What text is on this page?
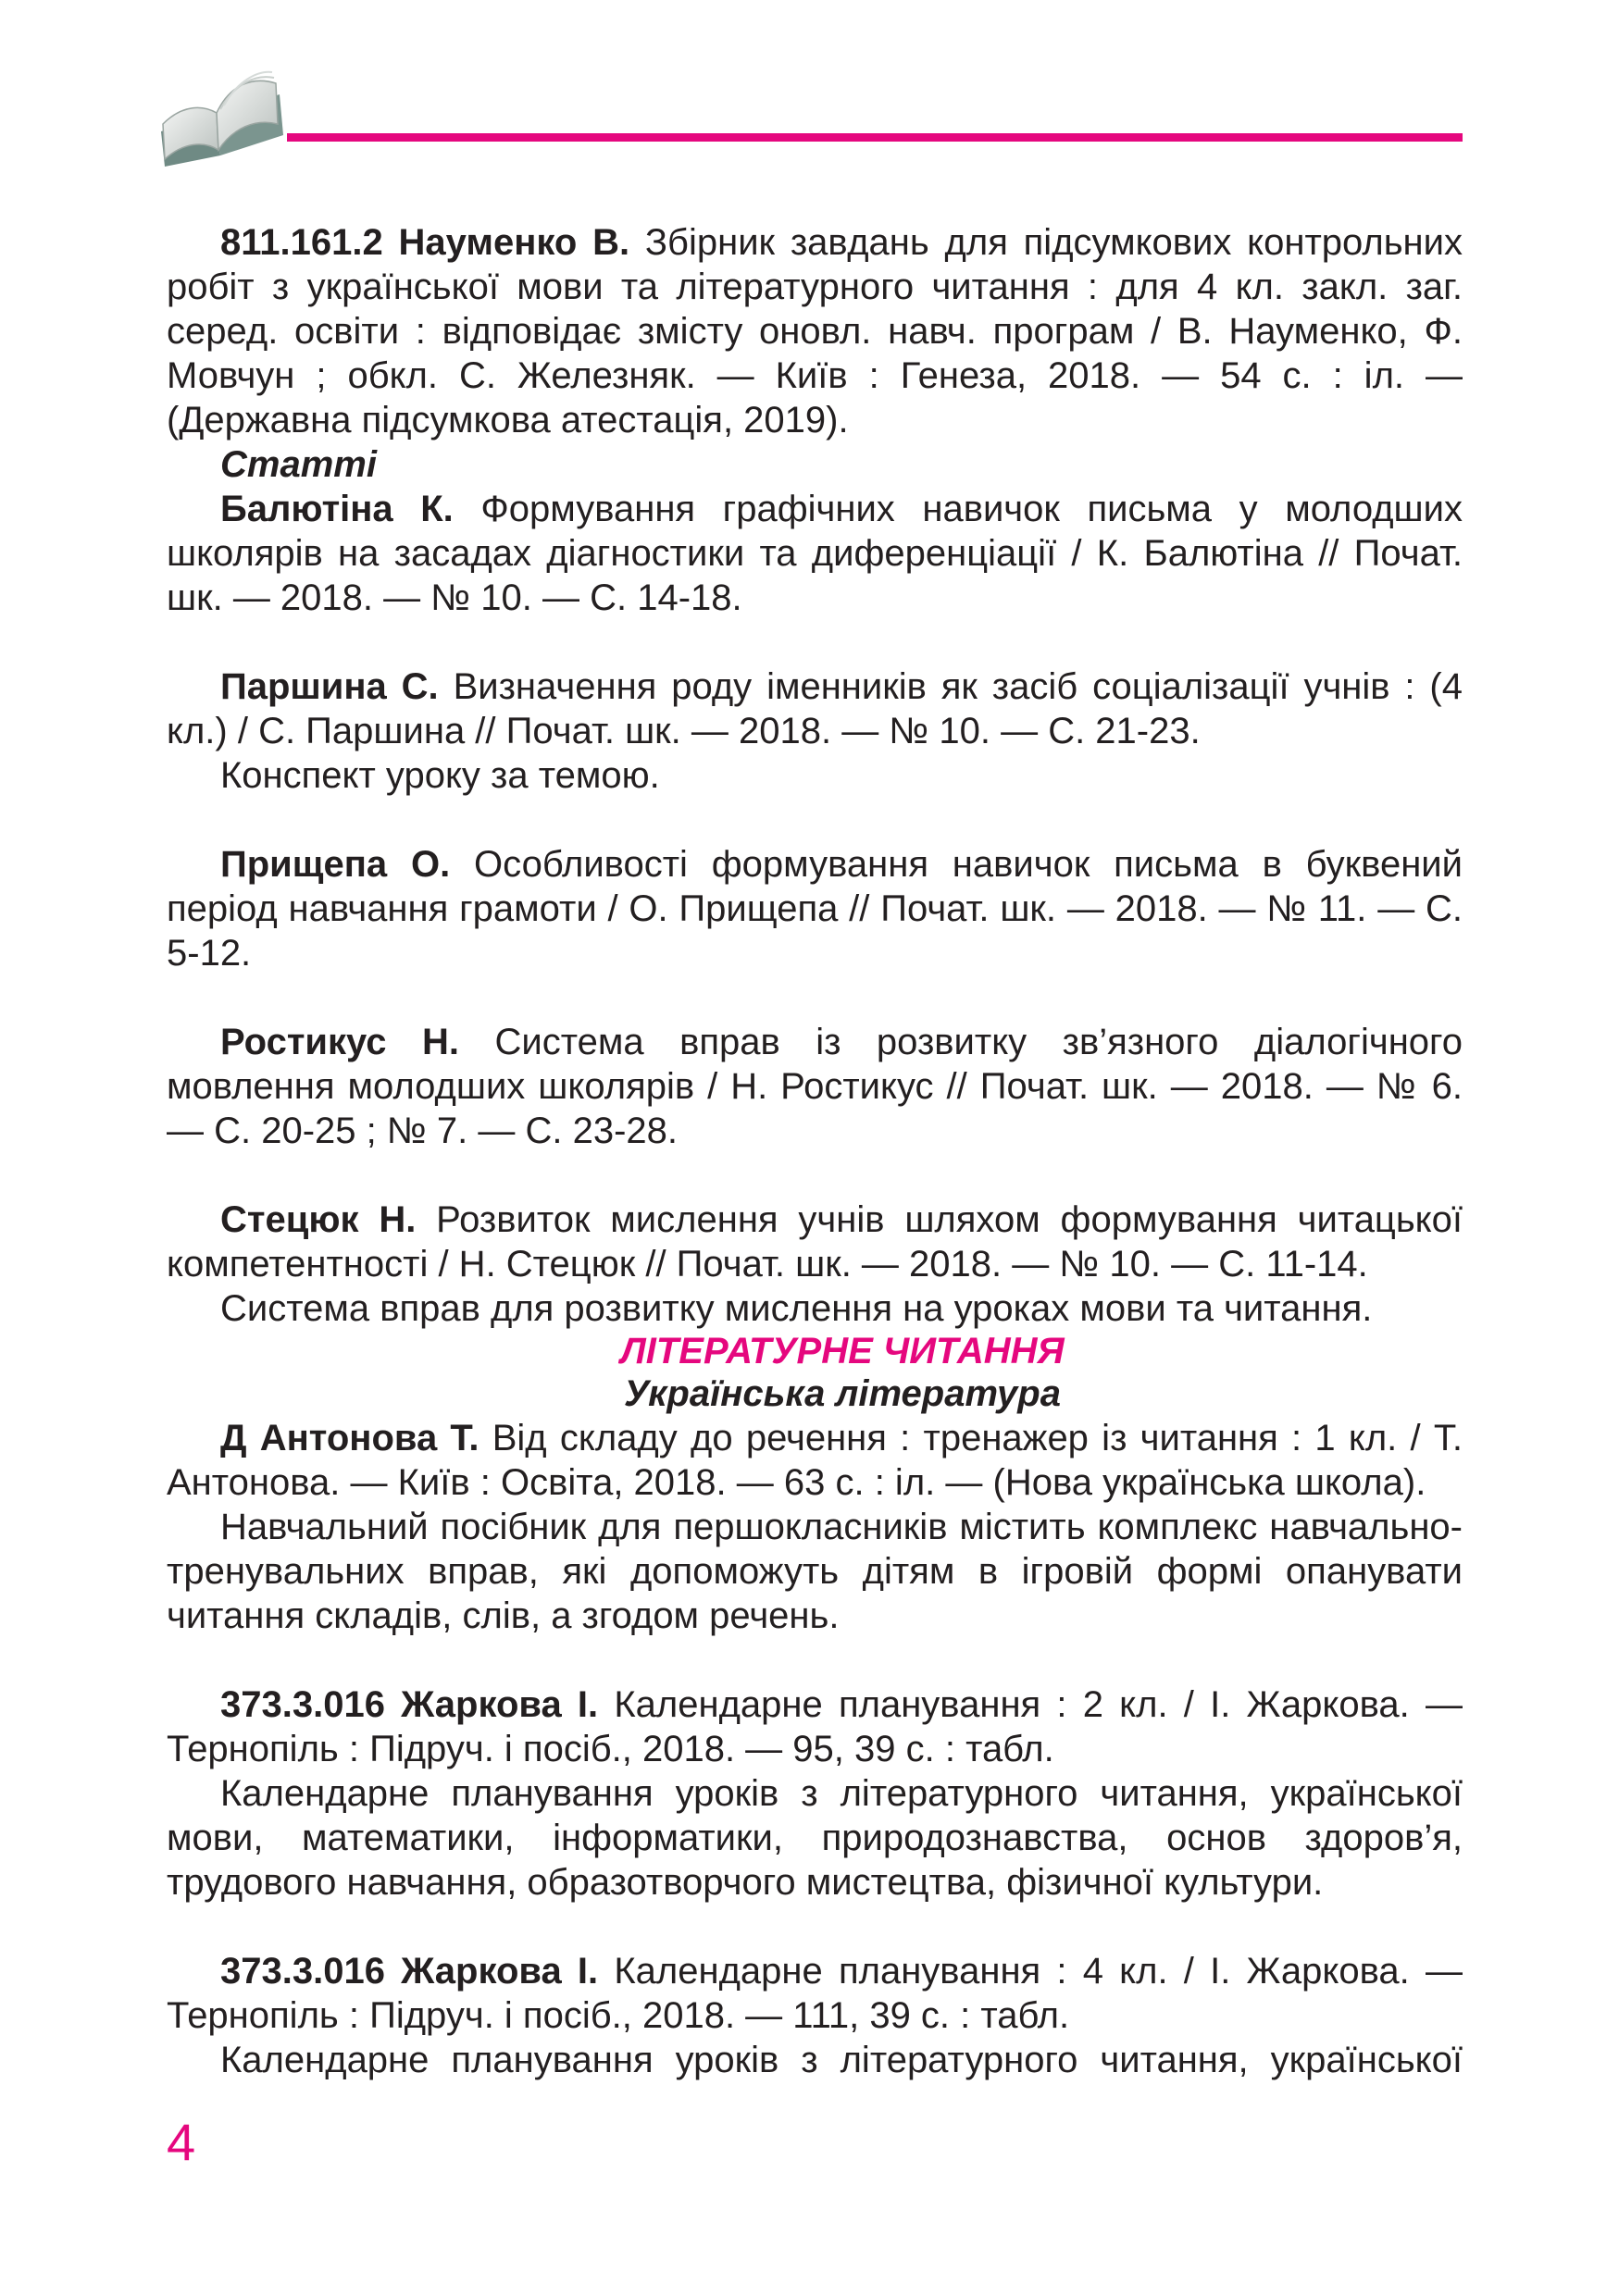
811.161.2 Науменко В. Збірник завдань для підсумкових контрольних робіт з української мови та літературного читання : для 4 кл. закл. заг. серед. освіти : відповідає змісту оновл. навч. програм / В. Науменко, Ф. Мовчун ; обкл. С. Железняк. — Київ : Генеза, 2018. — 54 с. : іл. — (Державна підсумкова атестація, 2019).

Статті

Балютіна К. Формування графічних навичок письма у молодших школярів на засадах діагностики та диференціації / К. Балютіна // Почат. шк. — 2018. — № 10. — С. 14-18.

Паршина С. Визначення роду іменників як засіб соціалізації учнів : (4 кл.) / С. Паршина // Почат. шк. — 2018. — № 10. — С. 21-23.

Конспект уроку за темою.

Прищепа О. Особливості формування навичок письма в буквений період навчання грамоти / О. Прищепа // Почат. шк. — 2018. — № 11. — С. 5-12.

Ростикус Н. Система вправ із розвитку зв’язного діалогічного мовлення молодших школярів / Н. Ростикус // Почат. шк. — 2018. — № 6. — С. 20-25 ; № 7. — С. 23-28.

Стецюк Н. Розвиток мислення учнів шляхом формування читацької компетентності / Н. Стецюк // Почат. шк. — 2018. — № 10. — С. 11-14.

Система вправ для розвитку мислення на уроках мови та читання.

ЛІТЕРАТУРНЕ ЧИТАННЯ

Українська література

Д Антонова Т. Від складу до речення : тренажер із читання : 1 кл. / Т. Антонова. — Київ : Освіта, 2018. — 63 с. : іл. — (Нова українська школа).

Навчальний посібник для першокласників містить комплекс навчально-тренувальних вправ, які допоможуть дітям в ігровій формі опанувати читання складів, слів, а згодом речень.

373.3.016 Жаркова І. Календарне планування : 2 кл. / І. Жаркова. — Тернопіль : Підруч. і посіб., 2018. — 95, 39 с. : табл.

Календарне планування уроків з літературного читання, української мови, математики, інформатики, природознавства, основ здоров’я, трудового навчання, образотворчого мистецтва, фізичної культури.

373.3.016 Жаркова І. Календарне планування : 4 кл. / І. Жаркова. — Тернопіль : Підруч. і посіб., 2018. — 111, 39 с. : табл.

Календарне планування уроків з літературного читання, української

4
